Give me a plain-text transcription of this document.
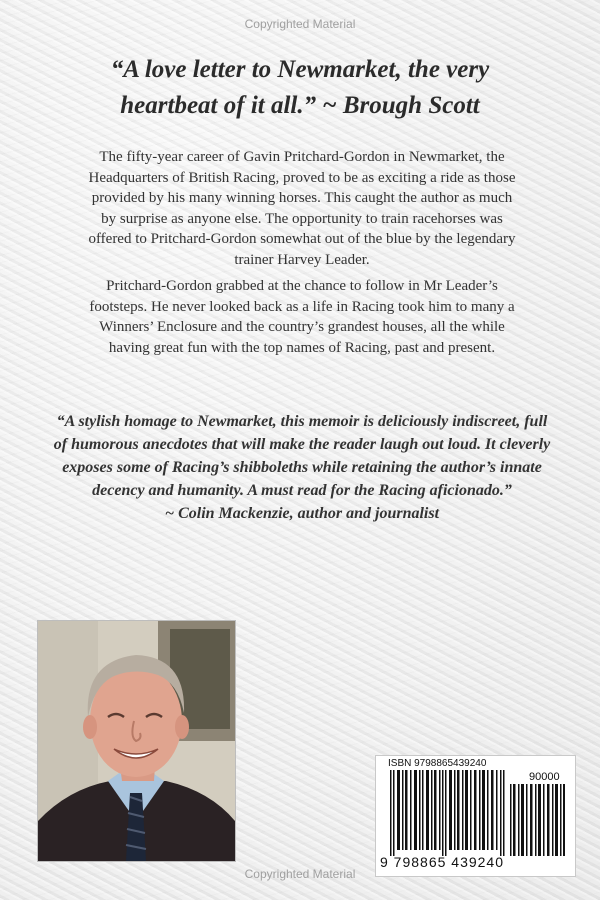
Copyrighted Material
“A love letter to Newmarket, the very
heartbeat of it all.” ~ Brough Scott

The fifty-year career of Gavin Pritchard-Gordon in Newmarket, the Headquarters of British Racing, proved to be as exciting a ride as those provided by his many winning horses. This caught the author as much by surprise as anyone else. The opportunity to train racehorses was offered to Pritchard-Gordon somewhat out of the blue by the legendary trainer Harvey Leader.

Pritchard-Gordon grabbed at the chance to follow in Mr Leader’s footsteps. He never looked back as a life in Racing took him to many a Winners’ Enclosure and the country’s grandest houses, all the while having great fun with the top names of Racing, past and present.

“A stylish homage to Newmarket, this memoir is deliciously indiscreet, full of humorous anecdotes that will make the reader laugh out loud. It cleverly exposes some of Racing’s shibboleths while retaining the author’s innate decency and humanity. A must read for the Racing aficionado.”

~ Colin Mackenzie, author and journalist

ISBN 9798865439240
90000
9 798865 439240
Copyrighted Material
